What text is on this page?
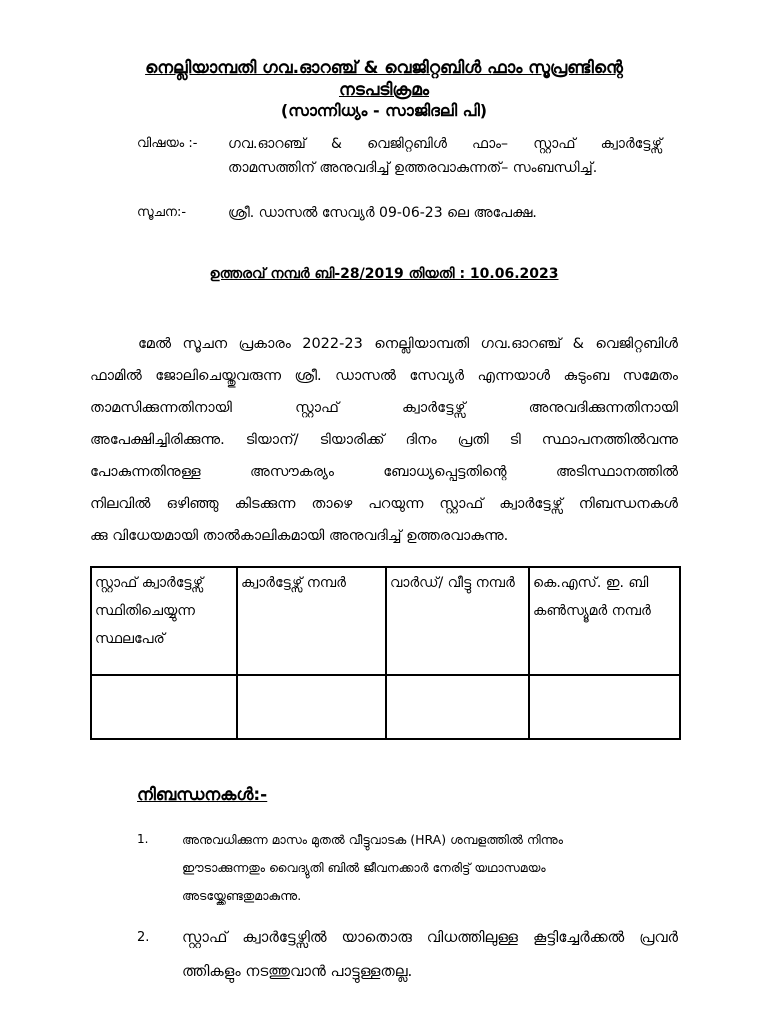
നെല്ലിയാമ്പതി ഗവ.ഓറഞ്ച് & വെജിറ്റബിൾ ഫാം സൂപ്രണ്ടിന്റെ
നടപടിക്രമം
(സാന്നിധ്യം - സാജിദലി പി)
വിഷയം :- ഗവ.ഓറഞ്ച് & വെജിറ്റബിൾ ഫാം– സ്റ്റാഫ് ക്വാർട്ടേഴ്സ്
താമസത്തിന് അനുവദിച്ച് ഉത്തരവാകുന്നത്– സംബന്ധിച്ച്.
സൂചന:-	ശ്രീ. ഡാസൽ സേവ്യർ 09-06-23 ലെ അപേക്ഷ.
ഉത്തരവ് നമ്പർ ബി-28/2019 തിയതി : 10.06.2023
മേൽ സൂചന പ്രകാരം 2022-23 നെല്ലിയാമ്പതി ഗവ.ഓറഞ്ച് & വെജിറ്റബിൾ
ഫാമിൽ ജോലിചെയ്തുവരുന്ന ശ്രീ. ഡാസൽ സേവ്യർ എന്നയാൾ കുടുംബ സമേതം
താമസിക്കുന്നതിനായി സ്റ്റാഫ് ക്വാർട്ടേഴ്സ് അനുവദിക്കുന്നതിനായി
അപേക്ഷിച്ചിരിക്കുന്നു. ടിയാന്/ ടിയാരിക്ക് ദിനം പ്രതി ടി സ്ഥാപനത്തിൽവന്നു
പോകുന്നതിനുള്ള അസൗകര്യം ബോധ്യപ്പെട്ടതിന്റെ അടിസ്ഥാനത്തിൽ
നിലവിൽ ഒഴിഞ്ഞു കിടക്കുന്ന താഴെ പറയുന്ന സ്റ്റാഫ് ക്വാർട്ടേഴ്സ് നിബന്ധനകൾ
ക്കു വിധേയമായി താൽകാലികമായി അനുവദിച്ച് ഉത്തരവാകുന്നു.
സ്റ്റാഫ് ക്വാർട്ടേഴ്സ് സ്ഥിതിചെയ്യുന്ന സ്ഥലപേര്	ക്വാർട്ടേഴ്സ് നമ്പർ	വാർഡ്/ വീട്ടു നമ്പർ	കെ.എസ്. ഇ. ബി കൺസ്യൂമർ നമ്പർ

നിബന്ധനകൾ:-
1.	അനുവധിക്കുന്ന മാസം മുതൽ വീട്ടുവാടക (HRA) ശമ്പളത്തിൽ നിന്നും
ഈടാക്കുന്നതും വൈദ്യുതി ബിൽ ജീവനക്കാർ നേരിട്ട് യഥാസമയം
അടയ്ക്കേണ്ടതുമാകുന്നു.
2. സ്റ്റാഫ് ക്വാർട്ടേഴ്സിൽ യാതൊരു വിധത്തിലുള്ള കൂട്ടിച്ചേർക്കൽ പ്രവർ
ത്തികളും നടത്തുവാൻ പാട്ടുള്ളതല്ല.
